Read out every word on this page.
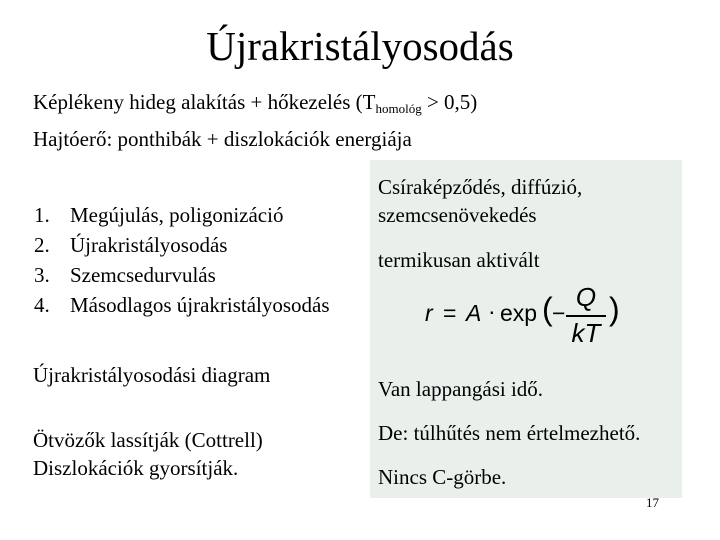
Újrakristályosodás
Képlékeny hideg alakítás + hőkezelés (Thomológ > 0,5)
Hajtóerő: ponthibák + diszlokációk energiája
1. Megújulás, poligonizáció
2. Újrakristályosodás
3. Szemcsedurvulás
4. Másodlagos újrakristályosodás
Újrakristályosodási diagram
Ötvözők lassítják (Cottrell)
Diszlokációk gyorsítják.
Csíraképződés, diffúzió,
szemcsenövekedés
termikusan aktivált
r = A · exp ( −
Q
kT
)
Van lappangási idő.
De: túlhűtés nem értelmezhető.
Nincs C-görbe.
17
